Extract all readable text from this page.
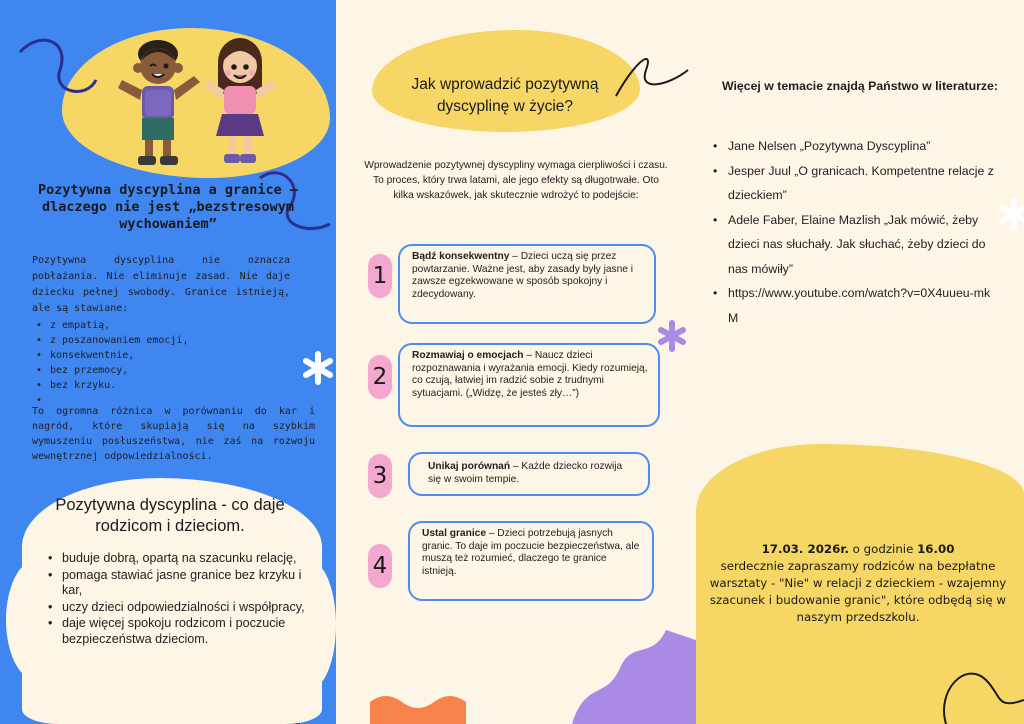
Pozytywna dyscyplina a granice – dlaczego nie jest „bezstresowym wychowaniem”

Pozytywna dyscyplina nie oznacza pobłażania. Nie eliminuje zasad. Nie daje dziecku pełnej swobody. Granice istnieją, ale są stawiane:

• z empatią,
• z poszanowaniem emocji,
• konsekwentnie,
• bez przemocy,
• bez krzyku.

To ogromna różnica w porównaniu do kar i nagród, które skupiają się na szybkim wymuszeniu posłuszeństwa, nie zaś na rozwoju wewnętrznej odpowiedzialności.

Pozytywna dyscyplina - co daje rodzicom i dzieciom.
• buduje dobrą, opartą na szacunku relację,
• pomaga stawiać jasne granice bez krzyku i kar,
• uczy dzieci odpowiedzialności i współpracy,
• daje więcej spokoju rodzicom i poczucie bezpieczeństwa dzieciom.
Jak wprowadzić pozytywną dyscyplinę w życie?

Wprowadzenie pozytywnej dyscypliny wymaga cierpliwości i czasu. To proces, który trwa latami, ale jego efekty są długotrwałe. Oto kilka wskazówek, jak skutecznie wdrożyć to podejście:

1
Bądź konsekwentny – Dzieci uczą się przez powtarzanie. Ważne jest, aby zasady były jasne i zawsze egzekwowane w sposób spokojny i zdecydowany.
2
Rozmawiaj o emocjach – Naucz dzieci rozpoznawania i wyrażania emocji. Kiedy rozumieją, co czują, łatwiej im radzić sobie z trudnymi sytuacjami. („Widzę, że jesteś zły…”)
3	Unikaj porównań – Każde dziecko rozwija się w swoim tempie.
4
Ustal granice – Dzieci potrzebują jasnych granic. To daje im poczucie bezpieczeństwa, ale muszą też rozumieć, dlaczego te granice istnieją.
Więcej w temacie znajdą Państwo w literaturze:
• Jane Nelsen „Pozytywna Dyscyplina”
• Jesper Juul „O granicach. Kompetentne relacje z dzieckiem”
• Adele Faber, Elaine Mazlish „Jak mówić, żeby dzieci nas słuchały. Jak słuchać, żeby dzieci do nas mówiły”
• https://www.youtube.com/watch?v=0X4uueu-mkM
17.03. 2026r. o godzinie 16.00
serdecznie zapraszamy rodziców na bezpłatne warsztaty - "Nie" w relacji z dzieckiem - wzajemny szacunek i budowanie granic", które odbędą się w naszym przedszkolu.
